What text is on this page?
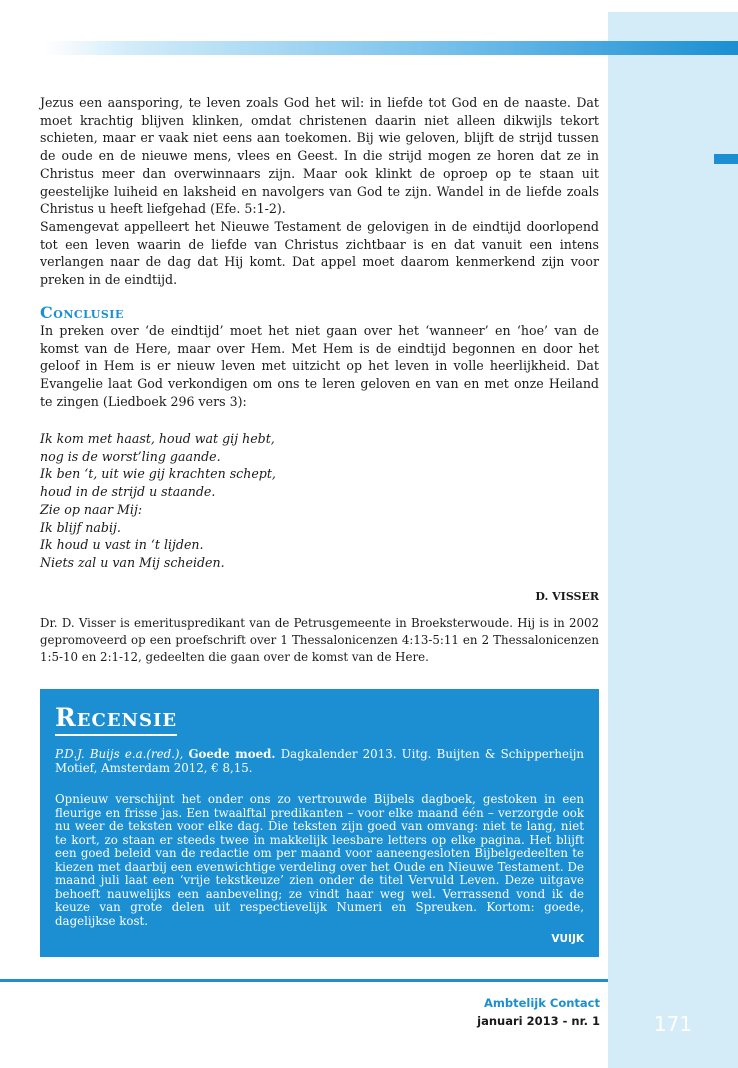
Jezus een aansporing, te leven zoals God het wil: in liefde tot God en de naaste. Dat moet krachtig blijven klinken, omdat christenen daarin niet alleen dikwijls tekort schieten, maar er vaak niet eens aan toekomen. Bij wie geloven, blijft de strijd tussen de oude en de nieuwe mens, vlees en Geest. In die strijd mogen ze horen dat ze in Christus meer dan overwinnaars zijn. Maar ook klinkt de oproep op te staan uit geestelijke luiheid en laksheid en navolgers van God te zijn. Wandel in de liefde zoals Christus u heeft liefgehad (Efe. 5:1-2).

Samengevat appelleert het Nieuwe Testament de gelovigen in de eindtijd doorlopend tot een leven waarin de liefde van Christus zichtbaar is en dat vanuit een intens verlangen naar de dag dat Hij komt. Dat appel moet daarom kenmerkend zijn voor preken in de eindtijd.

Conclusie

In preken over ‘de eindtijd’ moet het niet gaan over het ‘wanneer’ en ‘hoe’ van de komst van de Here, maar over Hem. Met Hem is de eindtijd begonnen en door het geloof in Hem is er nieuw leven met uitzicht op het leven in volle heerlijkheid. Dat Evangelie laat God verkondigen om ons te leren geloven en van en met onze Heiland te zingen (Liedboek 296 vers 3):

Ik kom met haast, houd wat gij hebt,
nog is de worst’ling gaande.
Ik ben ‘t, uit wie gij krachten schept,
houd in de strijd u staande.
Zie op naar Mij:
Ik blijf nabij.
Ik houd u vast in ‘t lijden.
Niets zal u van Mij scheiden.
D. VISSER
Dr. D. Visser is emerituspredikant van de Petrusgemeente in Broeksterwoude. Hij is in 2002 gepromoveerd op een proefschrift over 1 Thessalonicenzen 4:13-5:11 en 2 Thessalonicenzen 1:5-10 en 2:1-12, gedeelten die gaan over de komst van de Here.
Recensie
P.D.J. Buijs e.a.(red.), Goede moed. Dagkalender 2013. Uitg. Buijten & Schipperheijn Motief, Amsterdam 2012, € 8,15.
Opnieuw verschijnt het onder ons zo vertrouwde Bijbels dagboek, gestoken in een fleurige en frisse jas. Een twaalftal predikanten – voor elke maand één – verzorgde ook nu weer de teksten voor elke dag. Die teksten zijn goed van omvang: niet te lang, niet te kort, zo staan er steeds twee in makkelijk leesbare letters op elke pagina. Het blijft een goed beleid van de redactie om per maand voor aaneengesloten Bijbelgedeelten te kiezen met daarbij een evenwichtige verdeling over het Oude en Nieuwe Testament. De maand juli laat een ‘vrije tekstkeuze’ zien onder de titel Vervuld Leven. Deze uitgave behoeft nauwelijks een aanbeveling; ze vindt haar weg wel. Verrassend vond ik de keuze van grote delen uit respectievelijk Numeri en Spreuken. Kortom: goede, dagelijkse kost.
VUIJK
Ambtelijk Contact
januari 2013 - nr. 1	171
